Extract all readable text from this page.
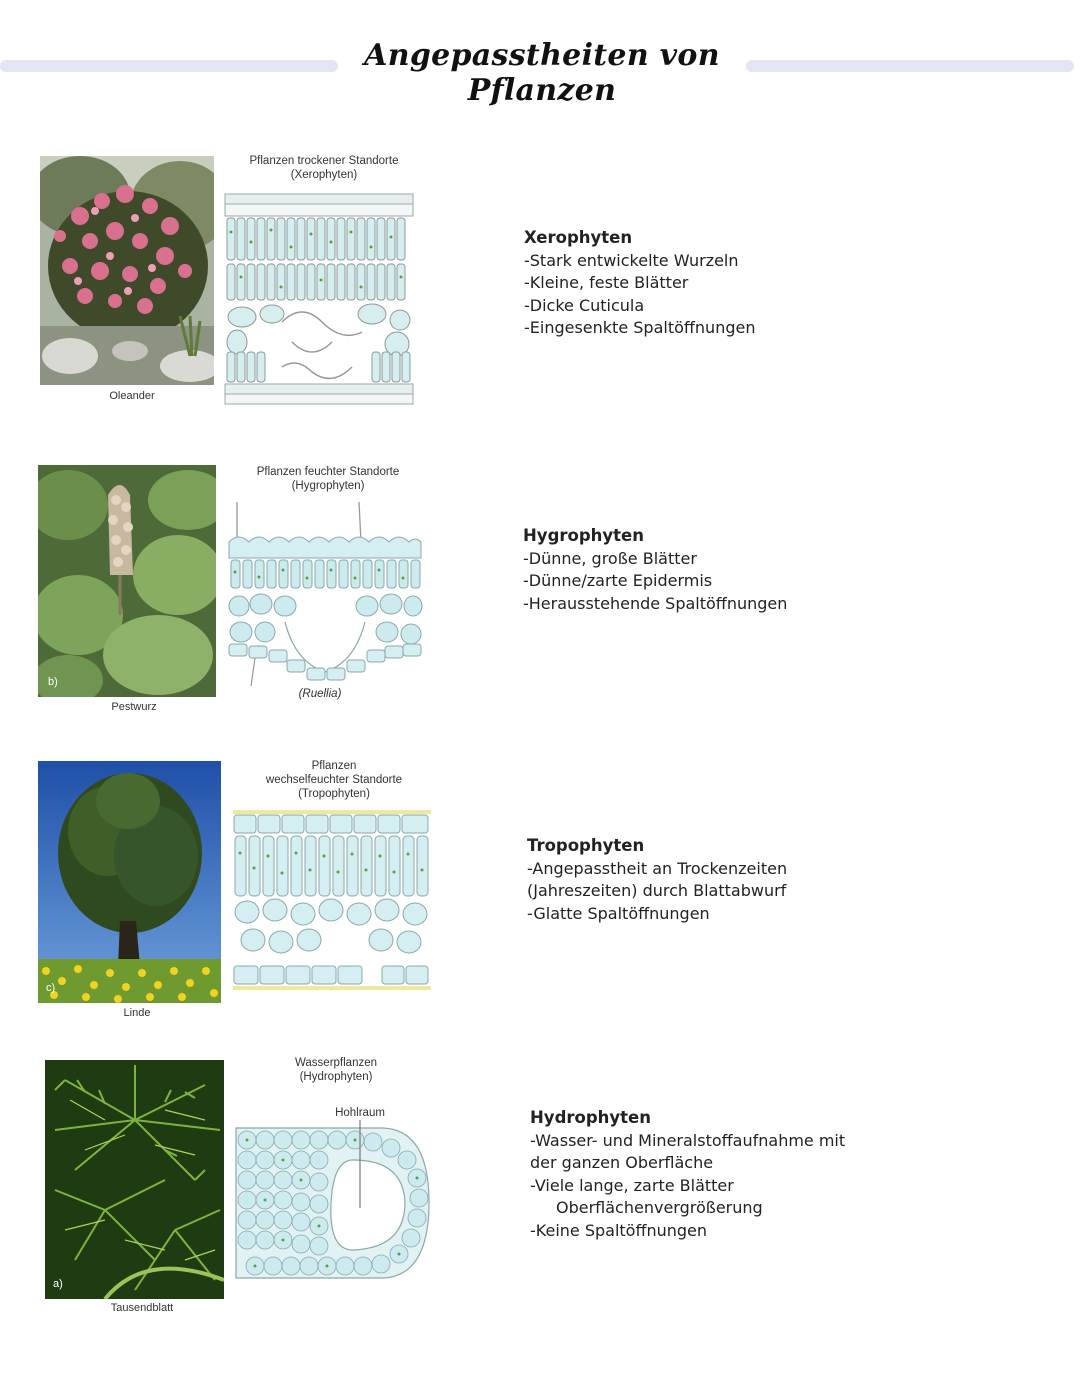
Angepasstheiten von Pflanzen
Oleander
Pflanzen trockener Standorte
(Xerophyten)
Xerophyten
-Stark entwickelte Wurzeln
-Kleine, feste Blätter
-Dicke Cuticula
-Eingesenkte Spaltöffnungen
b)
Pestwurz
Pflanzen feuchter Standorte
(Hygrophyten)
(Ruellia)
Hygrophyten
-Dünne, große Blätter
-Dünne/zarte Epidermis
-Herausstehende Spaltöffnungen
c)
Linde
Pflanzen
wechselfeuchter Standorte
(Tropophyten)
Tropophyten
-Angepasstheit an Trockenzeiten
(Jahreszeiten) durch Blattabwurf
-Glatte Spaltöffnungen
a)
Tausendblatt
Wasserpflanzen
(Hydrophyten)
Hohlraum	Hydrophyten
-Wasser- und Mineralstoffaufnahme mit
der ganzen Oberfläche
-Viele lange, zarte Blätter
Oberflächenvergrößerung
-Keine Spaltöffnungen
